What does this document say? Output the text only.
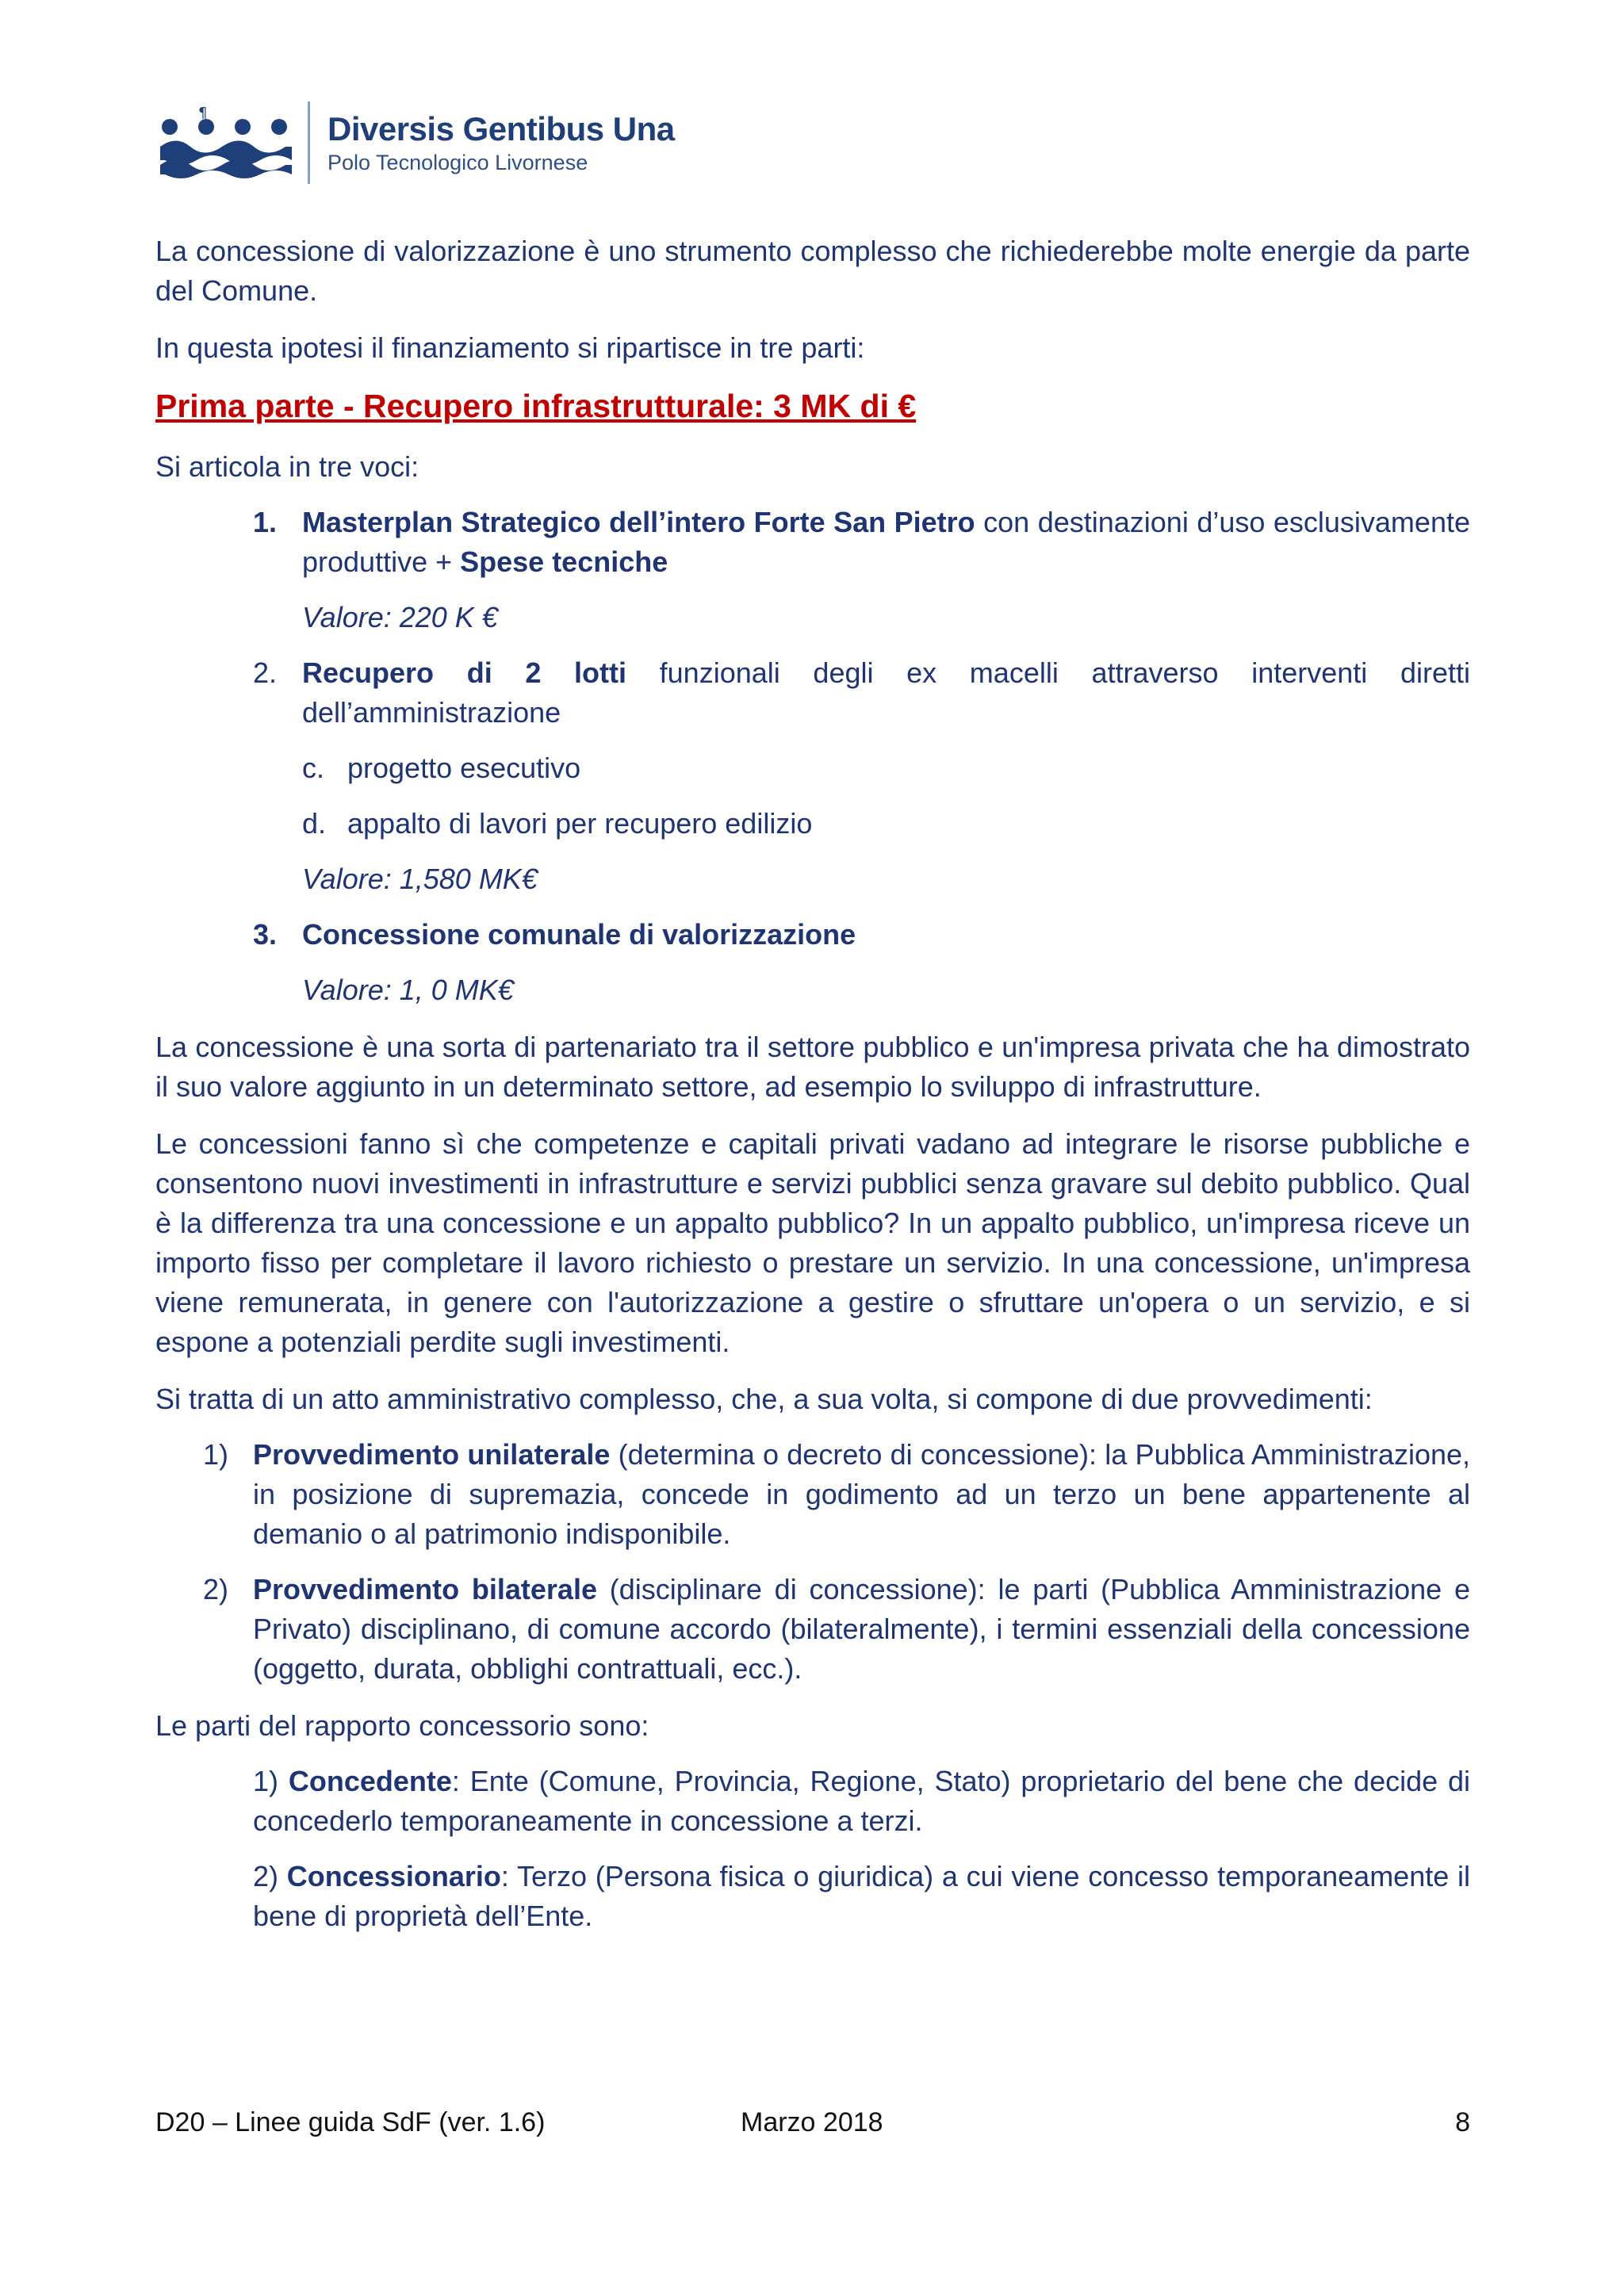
¶	Diversis Gentibus Una
Polo Tecnologico Livornese

La concessione di valorizzazione è uno strumento complesso che richiederebbe molte energie da parte del Comune.

In questa ipotesi il finanziamento si ripartisce in tre parti:

Prima parte - Recupero infrastrutturale: 3 MK di €

Si articola in tre voci:

1. Masterplan Strategico dell’intero Forte San Pietro con destinazioni d’uso esclusivamente produttive + Spese tecniche

Valore: 220 K €

2. Recupero di 2 lotti funzionali degli ex macelli attraverso interventi diretti dell’amministrazione
c. progetto esecutivo
d. appalto di lavori per recupero edilizio

Valore: 1,580 MK€

3. Concessione comunale di valorizzazione

Valore: 1, 0 MK€

La concessione è una sorta di partenariato tra il settore pubblico e un'impresa privata che ha dimostrato il suo valore aggiunto in un determinato settore, ad esempio lo sviluppo di infrastrutture.

Le concessioni fanno sì che competenze e capitali privati vadano ad integrare le risorse pubbliche e consentono nuovi investimenti in infrastrutture e servizi pubblici senza gravare sul debito pubblico. Qual è la differenza tra una concessione e un appalto pubblico? In un appalto pubblico, un'impresa riceve un importo fisso per completare il lavoro richiesto o prestare un servizio. In una concessione, un'impresa viene remunerata, in genere con l'autorizzazione a gestire o sfruttare un'opera o un servizio, e si espone a potenziali perdite sugli investimenti.

Si tratta di un atto amministrativo complesso, che, a sua volta, si compone di due provvedimenti:

1) Provvedimento unilaterale (determina o decreto di concessione): la Pubblica Amministrazione, in posizione di supremazia, concede in godimento ad un terzo un bene appartenente al demanio o al patrimonio indisponibile.
2) Provvedimento bilaterale (disciplinare di concessione): le parti (Pubblica Amministrazione e Privato) disciplinano, di comune accordo (bilateralmente), i termini essenziali della concessione (oggetto, durata, obblighi contrattuali, ecc.).

Le parti del rapporto concessorio sono:

1) Concedente: Ente (Comune, Provincia, Regione, Stato) proprietario del bene che decide di concederlo temporaneamente in concessione a terzi.

2) Concessionario: Terzo (Persona fisica o giuridica) a cui viene concesso temporaneamente il bene di proprietà dell’Ente.

D20 – Linee guida SdF (ver. 1.6)	Marzo 2018	8
